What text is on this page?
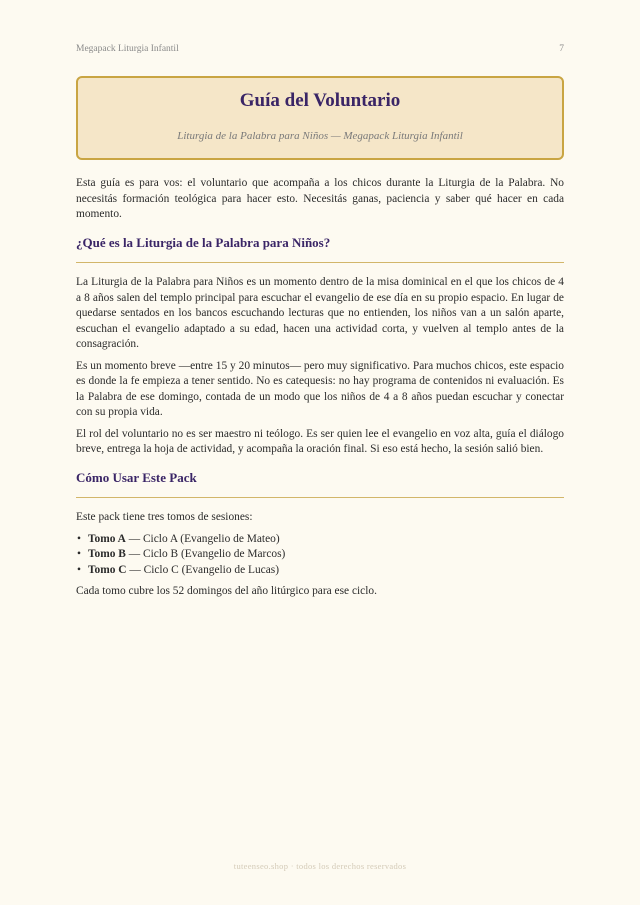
Megapack Liturgia Infantil	7
Guía del Voluntario
Liturgia de la Palabra para Niños — Megapack Liturgia Infantil

Esta guía es para vos: el voluntario que acompaña a los chicos durante la Liturgia de la Palabra. No necesitás formación teológica para hacer esto. Necesitás ganas, paciencia y saber qué hacer en cada momento.

¿Qué es la Liturgia de la Palabra para Niños?

La Liturgia de la Palabra para Niños es un momento dentro de la misa dominical en el que los chicos de 4 a 8 años salen del templo principal para escuchar el evangelio de ese día en su propio espacio. En lugar de quedarse sentados en los bancos escuchando lecturas que no entienden, los niños van a un salón aparte, escuchan el evangelio adaptado a su edad, hacen una actividad corta, y vuelven al templo antes de la consagración.

Es un momento breve —entre 15 y 20 minutos— pero muy significativo. Para muchos chicos, este espacio es donde la fe empieza a tener sentido. No es catequesis: no hay programa de contenidos ni evaluación. Es la Palabra de ese domingo, contada de un modo que los niños de 4 a 8 años puedan escuchar y conectar con su propia vida.

El rol del voluntario no es ser maestro ni teólogo. Es ser quien lee el evangelio en voz alta, guía el diálogo breve, entrega la hoja de actividad, y acompaña la oración final. Si eso está hecho, la sesión salió bien.

Cómo Usar Este Pack

Este pack tiene tres tomos de sesiones:

• Tomo A — Ciclo A (Evangelio de Mateo)
• Tomo B — Ciclo B (Evangelio de Marcos)
• Tomo C — Ciclo C (Evangelio de Lucas)

Cada tomo cubre los 52 domingos del año litúrgico para ese ciclo.

tuteenseo.shop · todos los derechos reservados
